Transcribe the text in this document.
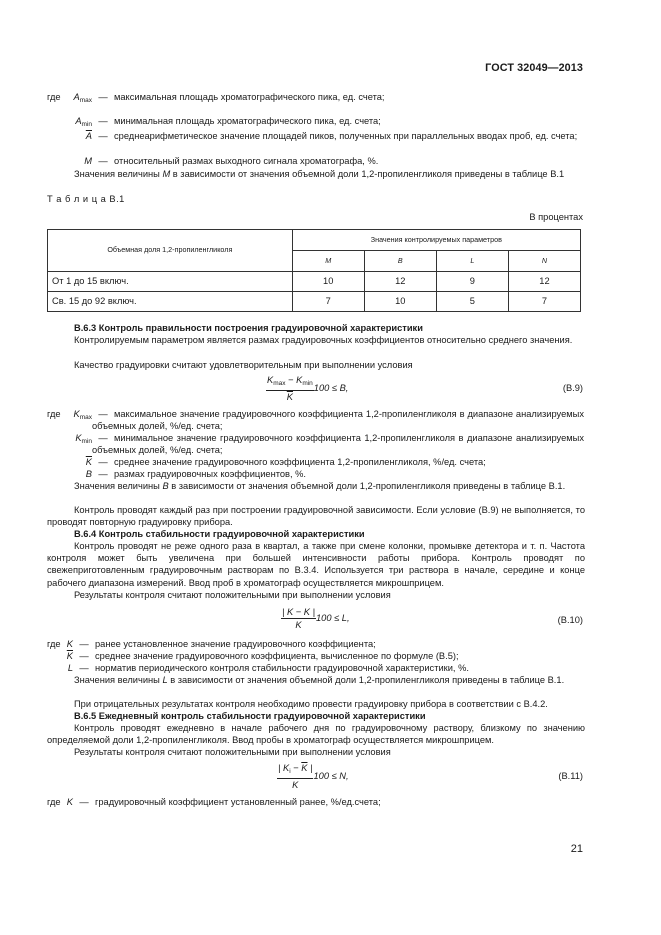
ГОСТ 32049—2013
где	$A_{max}$ — максимальная площадь хроматографического пика, ед. счета;
$A_{min}$ — минимальная площадь хроматографического пика, ед. счета;
$\overline{A}$ — среднеарифметическое значение площадей пиков, полученных при параллельных вводах проб, ед. счета;
M — относительный размах выходного сигнала хроматографа, %.
Значения величины M в зависимости от значения объемной доли 1,2-пропиленгликоля приведены в таблице В.1
Т а б л и ц а В.1
В процентах
Объемная доля 1,2-пропиленгликоля	Значения контролируемых параметров			
	M	B	L	N
От 1 до 15 включ.	10	12	9	12
Св. 15 до 92 включ.	7	10	5	7
В.6.3 Контроль правильности построения градуировочной характеристики
Контролируемым параметром является размах градуировочных коэффициентов относительно среднего значения.
Качество градуировки считают удовлетворительным при выполнении условия
$\frac{K_{max} - K_{min}}{K} 100 \le B$,	(В.9)
где	$K_{max}$ — максимальное значение градуировочного коэффициента 1,2-пропиленгликоля в диапазоне анализируемых объемных долей, %/ед. счета;
$K_{min}$ — минимальное значение градуировочного коэффициента 1,2-пропиленгликоля в диапазоне анализируемых объемных долей, %/ед. счета;
$\overline{K}$ — среднее значение градуировочного коэффициента 1,2-пропиленгликоля, %/ед. счета;
B — размах градуировочных коэффициентов, %.
Значения величины B в зависимости от значения объемной доли 1,2-пропиленгликоля приведены в таблице В.1.
Контроль проводят каждый раз при построении градуировочной зависимости. Если условие (В.9) не выполняется, то проводят повторную градуировку прибора.
В.6.4 Контроль стабильности градуировочной характеристики
Контроль проводят не реже одного раза в квартал, а также при смене колонки, промывке детектора и т. п. Частота контроля может быть увеличена при большей интенсивности работы прибора. Контроль проводят по свежеприготовленным градуировочным растворам по В.3.4. Используется три раствора в начале, середине и конце рабочего диапазона измерений. Ввод проб в хроматограф осуществляется микрошприцем.
Результаты контроля считают положительными при выполнении условия
$\frac{| K - K |}{K} 100 \le L$,	(В.10)
где K — ранее установленное значение градуировочного коэффициента;
$\overline{K}$ — среднее значение градуировочного коэффициента, вычисленное по формуле (В.5);
L — норматив периодического контроля стабильности градуировочной характеристики, %.
Значения величины L в зависимости от значения объемной доли 1,2-пропиленгликоля приведены в таблице В.1.
При отрицательных результатах контроля необходимо провести градуировку прибора в соответствии с В.4.2.
В.6.5 Ежедневный контроль стабильности градуировочной характеристики
Контроль проводят ежедневно в начале рабочего дня по градуировочному раствору, близкому по значению определяемой доли 1,2-пропиленгликоля. Ввод пробы в хроматограф осуществляется микрошприцем.
Результаты контроля считают положительными при выполнении условия
$\frac{| K_i - \overline{K} |}{K} 100 \le N$,	(В.11)
где K — градуировочный коэффициент установленный ранее, %/ед.счета;
21
